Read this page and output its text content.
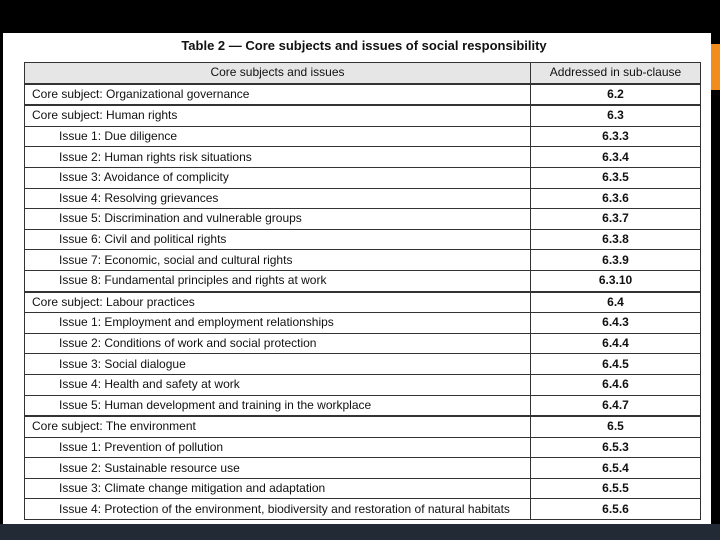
Table 2 — Core subjects and issues of social responsibility
Core subjects and issues	Addressed in sub-clause
Core subject: Organizational governance	6.2
Core subject: Human rights	6.3
Issue 1: Due diligence	6.3.3
Issue 2: Human rights risk situations	6.3.4
Issue 3: Avoidance of complicity	6.3.5
Issue 4: Resolving grievances	6.3.6
Issue 5: Discrimination and vulnerable groups	6.3.7
Issue 6: Civil and political rights	6.3.8
Issue 7: Economic, social and cultural rights	6.3.9
Issue 8: Fundamental principles and rights at work	6.3.10
Core subject: Labour practices	6.4
Issue 1: Employment and employment relationships	6.4.3
Issue 2: Conditions of work and social protection	6.4.4
Issue 3: Social dialogue	6.4.5
Issue 4: Health and safety at work	6.4.6
Issue 5: Human development and training in the workplace	6.4.7
Core subject: The environment	6.5
Issue 1: Prevention of pollution	6.5.3
Issue 2: Sustainable resource use	6.5.4
Issue 3: Climate change mitigation and adaptation	6.5.5
Issue 4: Protection of the environment, biodiversity and restoration of natural habitats	6.5.6
